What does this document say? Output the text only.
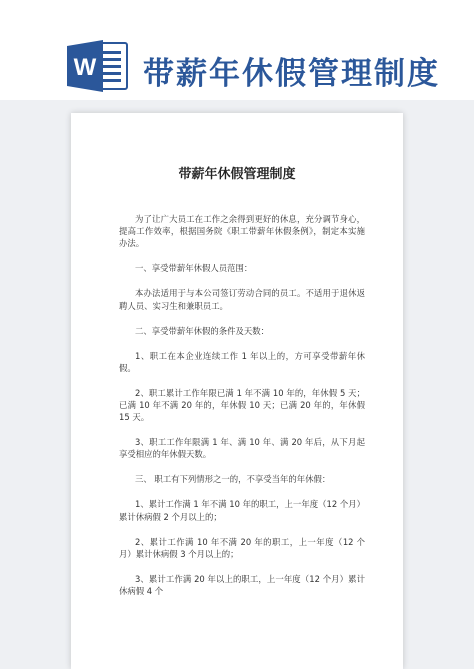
W 带薪年休假管理制度
带薪年休假管理制度

为了让广大员工在工作之余得到更好的休息，充分调节身心，提高工作效率，根据国务院《职工带薪年休假条例》，制定本实施办法。

一、享受带薪年休假人员范围：

本办法适用于与本公司签订劳动合同的员工。不适用于退休返聘人员、实习生和兼职员工。

二、享受带薪年休假的条件及天数：

1、职工在本企业连续工作 1 年以上的，方可享受带薪年休假。

2、职工累计工作年限已满 1 年不满 10 年的，年休假 5 天；已满 10 年不满 20 年的，年休假 10 天；已满 20 年的，年休假 15 天。

3、职工工作年限满 1 年、满 10 年、满 20 年后，从下月起享受相应的年休假天数。

三、 职工有下列情形之一的，不享受当年的年休假：

1、累计工作满 1 年不满 10 年的职工，上一年度（12 个月）累计休病假 2 个月以上的；

2、累计工作满 10 年不满 20 年的职工，上一年度（12 个月）累计休病假 3 个月以上的；

3、累计工作满 20 年以上的职工，上一年度（12 个月）累计休病假 4 个
